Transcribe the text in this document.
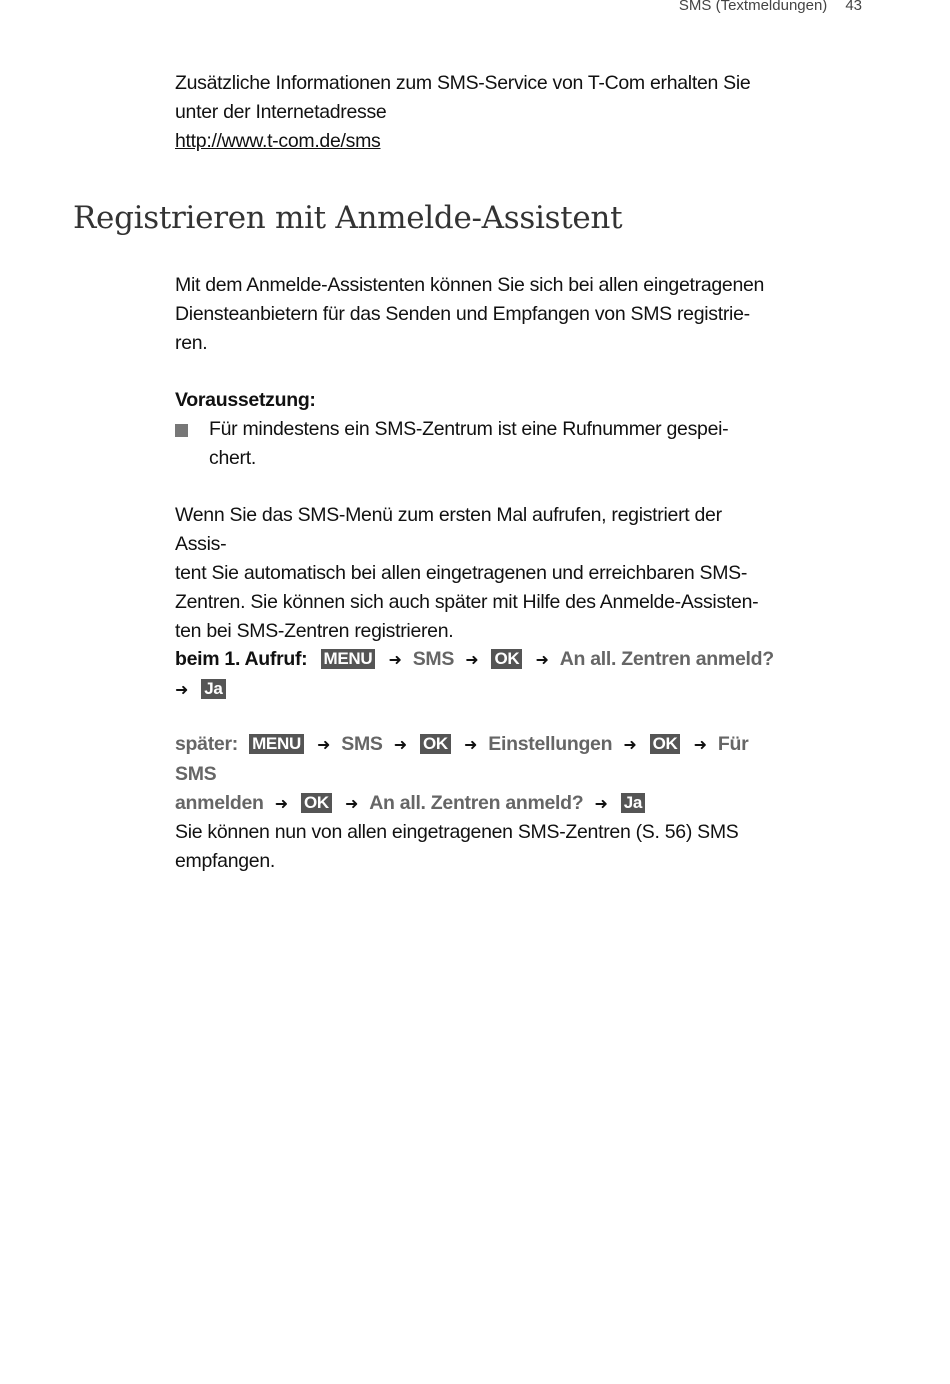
SMS (Textmeldungen) 43
Zusätzliche Informationen zum SMS-Service von T-Com erhalten Sie
unter der Internetadresse
http://www.t-com.de/sms
Registrieren mit Anmelde-Assistent
Mit dem Anmelde-Assistenten können Sie sich bei allen eingetragenen
Diensteanbietern für das Senden und Empfangen von SMS registrie-
ren.
Voraussetzung:
Für mindestens ein SMS-Zentrum ist eine Rufnummer gespei-
chert.
Wenn Sie das SMS-Menü zum ersten Mal aufrufen, registriert der Assis-
tent Sie automatisch bei allen eingetragenen und erreichbaren SMS-
Zentren. Sie können sich auch später mit Hilfe des Anmelde-Assisten-
ten bei SMS-Zentren registrieren.
beim 1. Aufruf: MENU ➜ SMS ➜ OK ➜ An all. Zentren anmeld?
➜ Ja
später: MENU ➜ SMS ➜ OK ➜ Einstellungen ➜ OK ➜ Für SMS
anmelden ➜ OK ➜ An all. Zentren anmeld? ➜ Ja
Sie können nun von allen eingetragenen SMS-Zentren (S. 56) SMS
empfangen.
